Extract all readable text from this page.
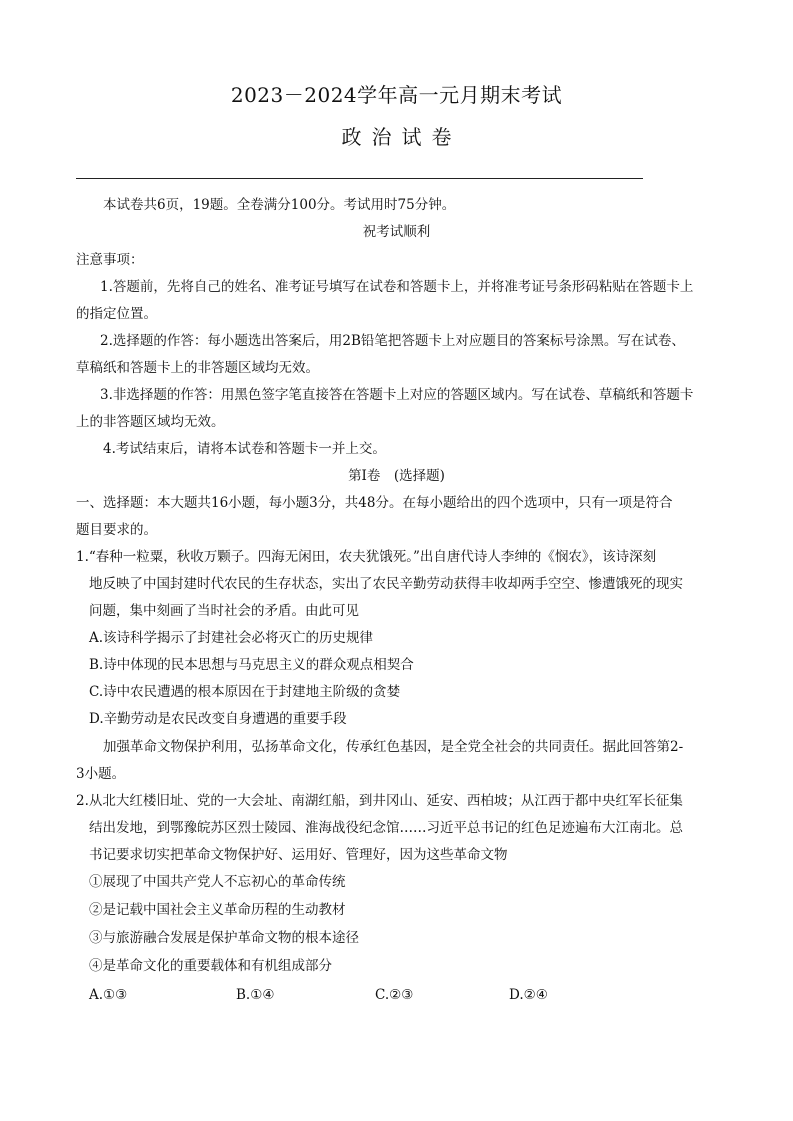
2023－2024学年高一元月期末考试
政治试卷
本试卷共6页，19题。全卷满分100分。考试用时75分钟。
祝考试顺利
注意事项：
1.答题前，先将自己的姓名、准考证号填写在试卷和答题卡上，并将准考证号条形码粘贴在答题卡上
的指定位置。
2.选择题的作答：每小题选出答案后，用2B铅笔把答题卡上对应题目的答案标号涂黑。写在试卷、
草稿纸和答题卡上的非答题区域均无效。
3.非选择题的作答：用黑色签字笔直接答在答题卡上对应的答题区域内。写在试卷、草稿纸和答题卡
上的非答题区域均无效。
4.考试结束后，请将本试卷和答题卡一并上交。
第Ⅰ卷　(选择题)
一、选择题：本大题共16小题，每小题3分，共48分。在每小题给出的四个选项中，只有一项是符合
题目要求的。
1.“春种一粒粟，秋收万颗子。四海无闲田，农夫犹饿死。”出自唐代诗人李绅的《悯农》，该诗深刻
地反映了中国封建时代农民的生存状态，实出了农民辛勤劳动获得丰收却两手空空、惨遭饿死的现实
问题，集中刻画了当时社会的矛盾。由此可见
A.该诗科学揭示了封建社会必将灭亡的历史规律
B.诗中体现的民本思想与马克思主义的群众观点相契合
C.诗中农民遭遇的根本原因在于封建地主阶级的贪婪
D.辛勤劳动是农民改变自身遭遇的重要手段
加强革命文物保护利用，弘扬革命文化，传承红色基因，是全党全社会的共同责任。据此回答第2-
3小题。
2.从北大红楼旧址、党的一大会址、南湖红船，到井冈山、延安、西柏坡；从江西于都中央红军长征集
结出发地，到鄂豫皖苏区烈士陵园、淮海战役纪念馆……习近平总书记的红色足迹遍布大江南北。总
书记要求切实把革命文物保护好、运用好、管理好，因为这些革命文物
①展现了中国共产党人不忘初心的革命传统
②是记载中国社会主义革命历程的生动教材
③与旅游融合发展是保护革命文物的根本途径
④是革命文化的重要载体和有机组成部分
A.①③	B.①④	C.②③	D.②④
